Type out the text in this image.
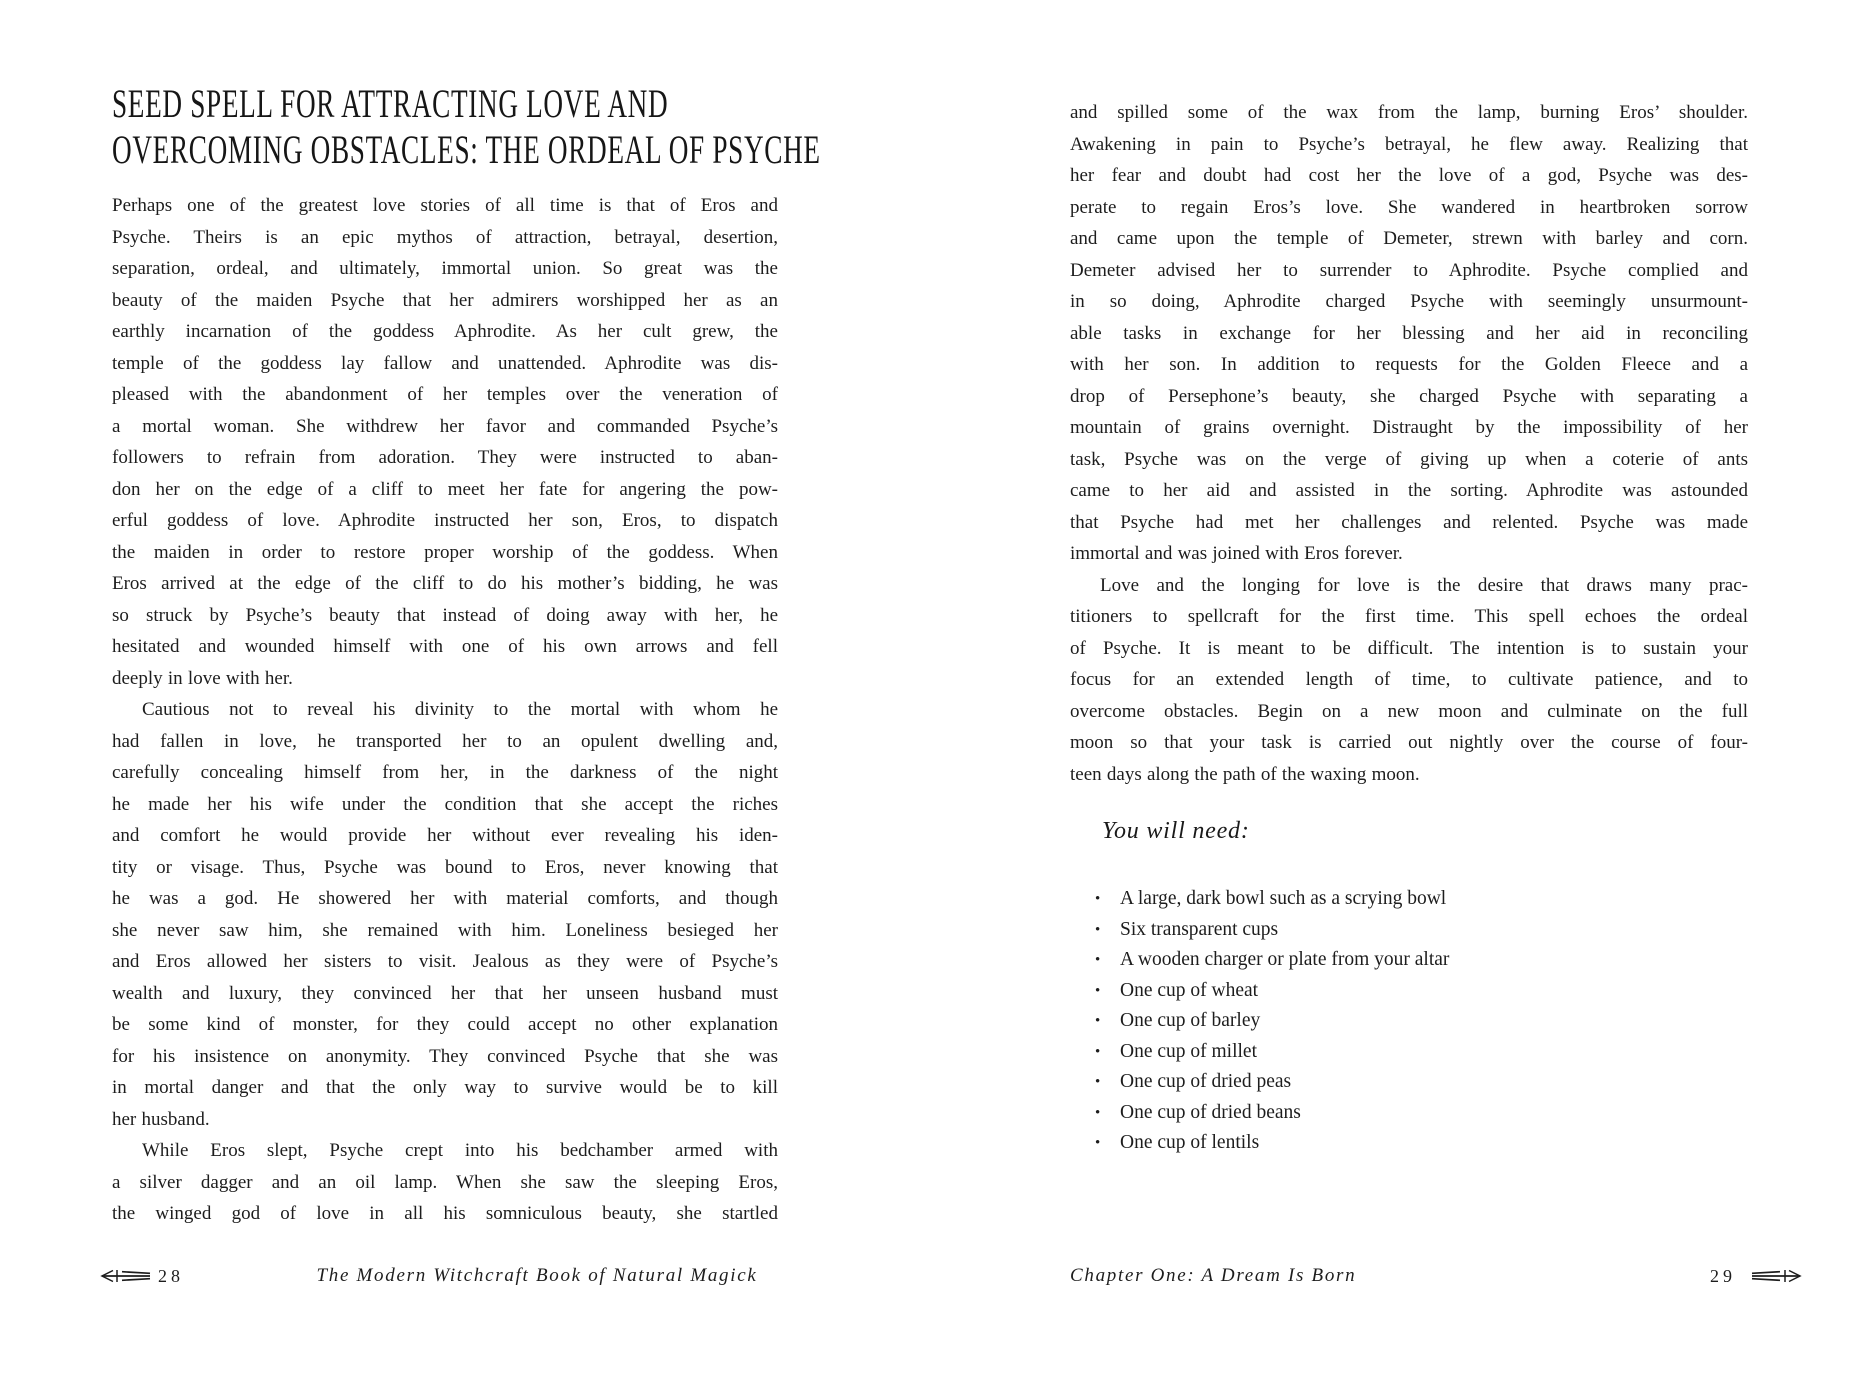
SEED SPELL FOR ATTRACTING LOVE AND
OVERCOMING OBSTACLES: THE ORDEAL OF PSYCHE
Perhaps one of the greatest love stories of all time is that of Eros and
Psyche. Theirs is an epic mythos of attraction, betrayal, desertion,
separation, ordeal, and ultimately, immortal union. So great was the
beauty of the maiden Psyche that her admirers worshipped her as an
earthly incarnation of the goddess Aphrodite. As her cult grew, the
temple of the goddess lay fallow and unattended. Aphrodite was dis-
pleased with the abandonment of her temples over the veneration of
a mortal woman. She withdrew her favor and commanded Psyche’s
followers to refrain from adoration. They were instructed to aban-
don her on the edge of a cliff to meet her fate for angering the pow-
erful goddess of love. Aphrodite instructed her son, Eros, to dispatch
the maiden in order to restore proper worship of the goddess. When
Eros arrived at the edge of the cliff to do his mother’s bidding, he was
so struck by Psyche’s beauty that instead of doing away with her, he
hesitated and wounded himself with one of his own arrows and fell
deeply in love with her.
Cautious not to reveal his divinity to the mortal with whom he
had fallen in love, he transported her to an opulent dwelling and,
carefully concealing himself from her, in the darkness of the night
he made her his wife under the condition that she accept the riches
and comfort he would provide her without ever revealing his iden-
tity or visage. Thus, Psyche was bound to Eros, never knowing that
he was a god. He showered her with material comforts, and though
she never saw him, she remained with him. Loneliness besieged her
and Eros allowed her sisters to visit. Jealous as they were of Psyche’s
wealth and luxury, they convinced her that her unseen husband must
be some kind of monster, for they could accept no other explanation
for his insistence on anonymity. They convinced Psyche that she was
in mortal danger and that the only way to survive would be to kill
her husband.
While Eros slept, Psyche crept into his bedchamber armed with
a silver dagger and an oil lamp. When she saw the sleeping Eros,
the winged god of love in all his somniculous beauty, she startled
28	The Modern Witchcraft Book of Natural Magick
and spilled some of the wax from the lamp, burning Eros’ shoulder.
Awakening in pain to Psyche’s betrayal, he flew away. Realizing that
her fear and doubt had cost her the love of a god, Psyche was des-
perate to regain Eros’s love. She wandered in heartbroken sorrow
and came upon the temple of Demeter, strewn with barley and corn.
Demeter advised her to surrender to Aphrodite. Psyche complied and
in so doing, Aphrodite charged Psyche with seemingly unsurmount-
able tasks in exchange for her blessing and her aid in reconciling
with her son. In addition to requests for the Golden Fleece and a
drop of Persephone’s beauty, she charged Psyche with separating a
mountain of grains overnight. Distraught by the impossibility of her
task, Psyche was on the verge of giving up when a coterie of ants
came to her aid and assisted in the sorting. Aphrodite was astounded
that Psyche had met her challenges and relented. Psyche was made
immortal and was joined with Eros forever.
Love and the longing for love is the desire that draws many prac-
titioners to spellcraft for the first time. This spell echoes the ordeal
of Psyche. It is meant to be difficult. The intention is to sustain your
focus for an extended length of time, to cultivate patience, and to
overcome obstacles. Begin on a new moon and culminate on the full
moon so that your task is carried out nightly over the course of four-
teen days along the path of the waxing moon.
You will need:
• A large, dark bowl such as a scrying bowl
• Six transparent cups
• A wooden charger or plate from your altar
• One cup of wheat
• One cup of barley
• One cup of millet
• One cup of dried peas
• One cup of dried beans
• One cup of lentils
Chapter One: A Dream Is Born	29
